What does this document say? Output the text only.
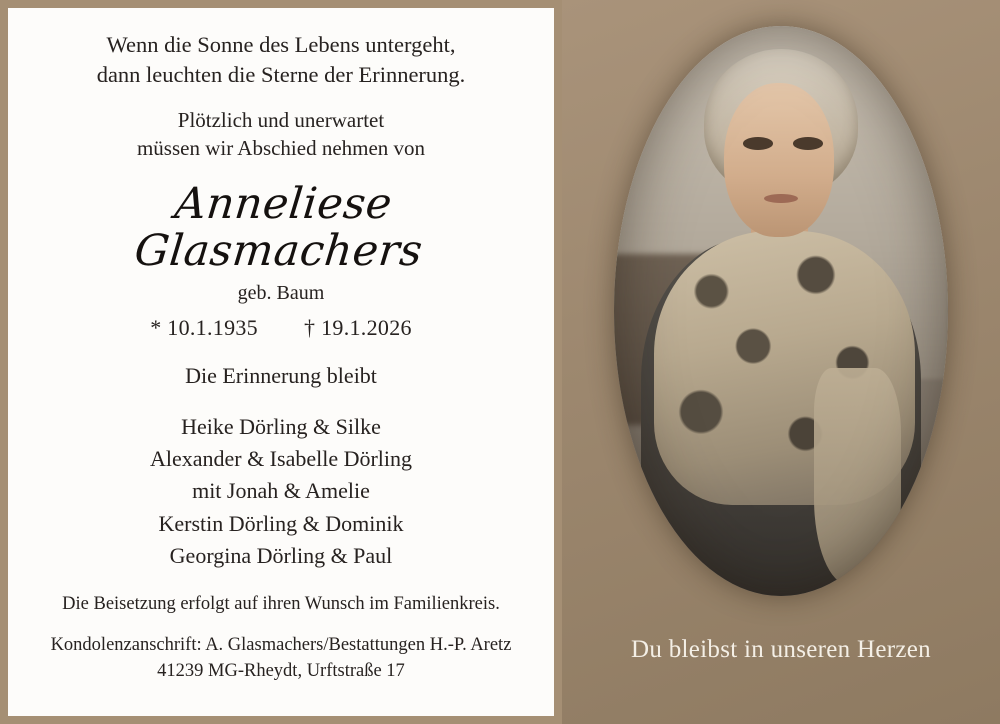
Wenn die Sonne des Lebens untergeht,
dann leuchten die Sterne der Erinnerung.
Plötzlich und unerwartet
müssen wir Abschied nehmen von
Anneliese Glasmachers
geb. Baum
* 10.1.1935 † 19.1.2026
Die Erinnerung bleibt
Heike Dörling & Silke
Alexander & Isabelle Dörling
mit Jonah & Amelie
Kerstin Dörling & Dominik
Georgina Dörling & Paul
Die Beisetzung erfolgt auf ihren Wunsch im Familienkreis.
Kondolenzanschrift: A. Glasmachers/Bestattungen H.-P. Aretz
41239 MG-Rheydt, Urftstraße 17
Du bleibst in unseren Herzen
